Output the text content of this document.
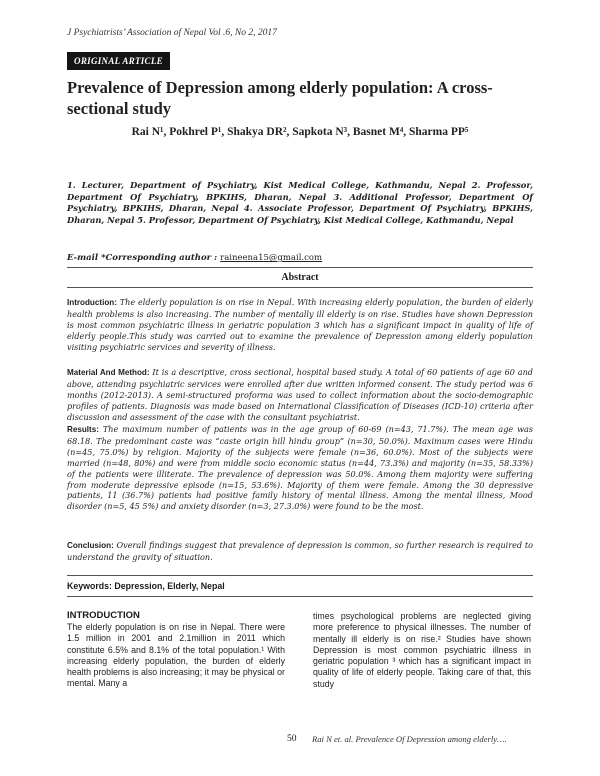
J Psychiatrists’ Association of Nepal Vol .6, No 2, 2017
ORIGINAL ARTICLE
Prevalence of Depression among elderly population: A cross-sectional study
Rai N¹, Pokhrel P¹, Shakya DR², Sapkota N³, Basnet M⁴, Sharma PP⁵
1. Lecturer, Department of Psychiatry, Kist Medical College, Kathmandu, Nepal 2. Professor, Department Of Psychiatry, BPKIHS, Dharan, Nepal 3. Additional Professor, Department Of Psychiatry, BPKIHS, Dharan, Nepal 4. Associate Professor, Department Of Psychiatry, BPKIHS, Dharan, Nepal 5. Professor, Department Of Psychiatry, Kist Medical College, Kathmandu, Nepal
E-mail *Corresponding author : raineena15@gmail.com
Abstract
Introduction: The elderly population is on rise in Nepal. With increasing elderly population, the burden of elderly health problems is also increasing. The number of mentally ill elderly is on rise. Studies have shown Depression is most common psychiatric illness in geriatric population 3 which has a significant impact in quality of life of elderly people.This study was carried out to examine the prevalence of Depression among elderly population visiting psychiatric services and severity of illness.
Material And Method: It is a descriptive, cross sectional, hospital based study. A total of 60 patients of age 60 and above, attending psychiatric services were enrolled after due written informed consent. The study period was 6 months (2012-2013). A semi-structured proforma was used to collect information about the socio-demographic profiles of patients. Diagnosis was made based on International Classification of Diseases (ICD-10) criteria after discussion and assessment of the case with the consultant psychiatrist.
Results: The maximum number of patients was in the age group of 60-69 (n=43, 71.7%). The mean age was 68.18. The predominant caste was “caste origin hill hindu group” (n=30, 50.0%). Maximum cases were Hindu (n=45, 75.0%) by religion. Majority of the subjects were female (n=36, 60.0%). Most of the subjects were married (n=48, 80%) and were from middle socio economic status (n=44, 73.3%) and majority (n=35, 58.33%) of the patients were illiterate. The prevalence of depression was 50.0%. Among them majority were suffering from moderate depressive episode (n=15, 53.6%). Majority of them were female. Among the 30 depressive patients, 11 (36.7%) patients had positive family history of mental illness. Among the mental illness, Mood disorder (n=5, 45 5%) and anxiety disorder (n=3, 27.3.0%) were found to be the most.
Conclusion: Overall findings suggest that prevalence of depression is common, so further research is required to understand the gravity of situation.
Keywords: Depression, Elderly, Nepal
INTRODUCTION
The elderly population is on rise in Nepal. There were 1.5 million in 2001 and 2.1million in 2011 which constitute 6.5% and 8.1% of the total population.¹ With increasing elderly population, the burden of elderly health problems is also increasing; it may be physical or mental. Many a
times psychological problems are neglected giving more preference to physical illnesses. The number of mentally ill elderly is on rise.² Studies have shown Depression is most common psychiatric illness in geriatric population ³ which has a significant impact in quality of life of elderly people. Taking care of that, this study
50 Rai N et. al. Prevalence Of Depression among elderly….
